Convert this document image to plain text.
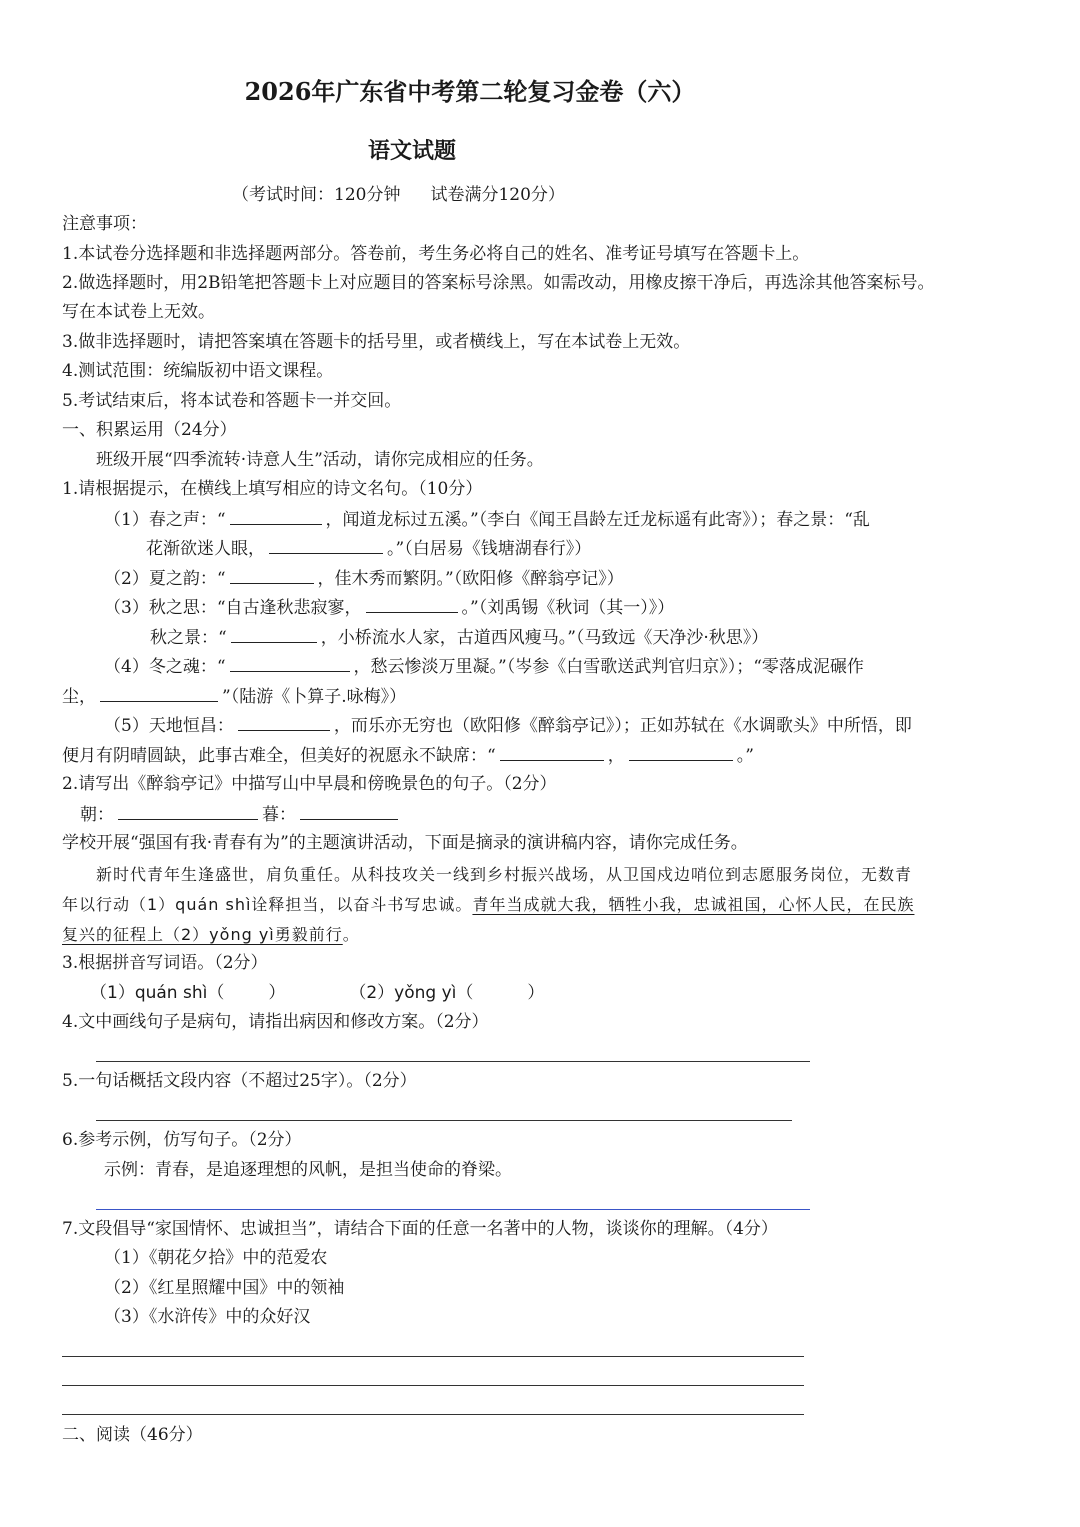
2026年广东省中考第二轮复习金卷（六）
语文试题
（考试时间：120分钟 试卷满分120分）
注意事项：
1.本试卷分选择题和非选择题两部分。答卷前，考生务必将自己的姓名、准考证号填写在答题卡上。
2.做选择题时，用2B铅笔把答题卡上对应题目的答案标号涂黑。如需改动，用橡皮擦干净后，再选涂其他答案标号。
写在本试卷上无效。
3.做非选择题时，请把答案填在答题卡的括号里，或者横线上，写在本试卷上无效。
4.测试范围：统编版初中语文课程。
5.考试结束后，将本试卷和答题卡一并交回。
一、积累运用（24分）
班级开展“四季流转·诗意人生”活动，请你完成相应的任务。
1.请根据提示，在横线上填写相应的诗文名句。（10分）
（1）春之声：“	，闻道龙标过五溪。”（李白《闻王昌龄左迁龙标遥有此寄》）；春之景：“乱
花渐欲迷人眼，	。”（白居易《钱塘湖春行》）
（2）夏之韵：“	，佳木秀而繁阴。”（欧阳修《醉翁亭记》）
（3）秋之思：“自古逢秋悲寂寥，	。”（刘禹锡《秋词（其一）》）
秋之景：“	，小桥流水人家，古道西风瘦马。”（马致远《天净沙·秋思》）
（4）冬之魂：“	，愁云惨淡万里凝。”（岑参《白雪歌送武判官归京》）；“零落成泥碾作
尘，	”（陆游《卜算子.咏梅》）
（5）天地恒昌：	，而乐亦无穷也（欧阳修《醉翁亭记》）；正如苏轼在《水调歌头》中所悟，即
便月有阴晴圆缺，此事古难全，但美好的祝愿永不缺席：“	，	。”
2.请写出《醉翁亭记》中描写山中早晨和傍晚景色的句子。（2分）
朝：	暮：
学校开展“强国有我·青春有为”的主题演讲活动，下面是摘录的演讲稿内容，请你完成任务。
新时代青年生逢盛世，肩负重任。从科技攻关一线到乡村振兴战场，从卫国戍边哨位到志愿服务岗位，无数青
年以行动（1）quán shì诠释担当，以奋斗书写忠诚。青年当成就大我，牺牲小我，忠诚祖国，心怀人民，在民族
复兴的征程上（2）yǒng yì勇毅前行。
3.根据拼音写词语。（2分）
（1）quán shì（	）	（2）yǒng yì（	）
4.文中画线句子是病句，请指出病因和修改方案。（2分）
5.一句话概括文段内容（不超过25字）。（2分）
6.参考示例，仿写句子。（2分）
示例：青春，是追逐理想的风帆，是担当使命的脊梁。
7.文段倡导“家国情怀、忠诚担当”，请结合下面的任意一名著中的人物，谈谈你的理解。（4分）
（1）《朝花夕拾》中的范爱农
（2）《红星照耀中国》中的领袖
（3）《水浒传》中的众好汉
二、阅读（46分）
